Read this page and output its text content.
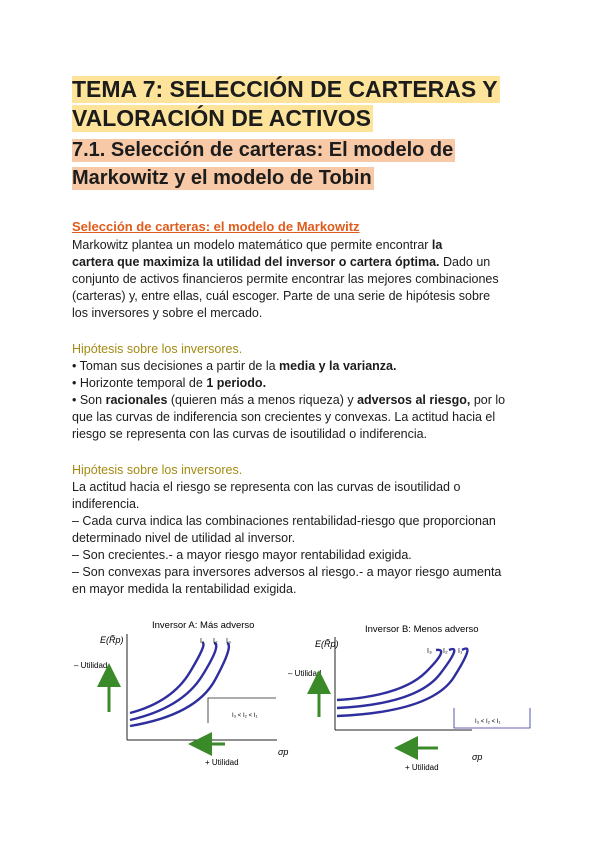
TEMA 7: SELECCIÓN DE CARTERAS Y
VALORACIÓN DE ACTIVOS
7.1. Selección de carteras: El modelo de
Markowitz y el modelo de Tobin
Selección de carteras: el modelo de Markowitz
Markowitz plantea un modelo matemático que permite encontrar la
cartera que maximiza la utilidad del inversor o cartera óptima. Dado un
conjunto de activos financieros permite encontrar las mejores combinaciones
(carteras) y, entre ellas, cuál escoger. Parte de una serie de hipótesis sobre
los inversores y sobre el mercado.
Hipótesis sobre los inversores.
• Toman sus decisiones a partir de la media y la varianza.
• Horizonte temporal de 1 periodo.
• Son racionales (quieren más a menos riqueza) y adversos al riesgo, por lo
que las curvas de indiferencia son crecientes y convexas. La actitud hacia el
riesgo se representa con las curvas de isoutilidad o indiferencia.
Hipótesis sobre los inversores.
La actitud hacia el riesgo se representa con las curvas de isoutilidad o
indiferencia.
– Cada curva indica las combinaciones rentabilidad-riesgo que proporcionan
determinado nivel de utilidad al inversor.
– Son crecientes.- a mayor riesgo mayor rentabilidad exigida.
– Son convexas para inversores adversos al riesgo.- a mayor riesgo aumenta
en mayor medida la rentabilidad exigida.
Inversor A: Más adverso
E(R̃p)
σp
– Utilidad
+ Utilidad
I₁ I₂ I₃
I₃ < I₂ < I₁
Inversor B: Menos adverso
E(R̃p)
σp
– Utilidad
+ Utilidad
I₃ I₂ I₁
I₃ < I₂ < I₁
